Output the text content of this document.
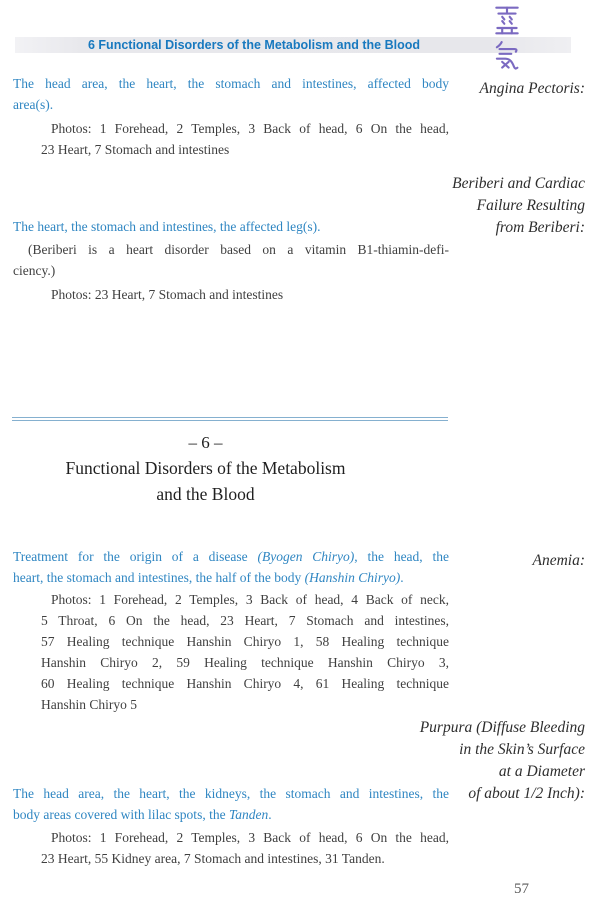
6 Functional Disorders of the Metabolism and the Blood
Angina Pectoris:
The head area, the heart, the stomach and intestines, affected body
area(s).
Photos: 1 Forehead, 2 Temples, 3 Back of head, 6 On the head,
23 Heart, 7 Stomach and intestines
Beriberi and Cardiac
Failure Resulting
from Beriberi:
The heart, the stomach and intestines, the affected leg(s).
(Beriberi is a heart disorder based on a vitamin B1-thiamin-defi-
ciency.)
Photos: 23 Heart, 7 Stomach and intestines
– 6 –
Functional Disorders of the Metabolism
and the Blood
Anemia:
Treatment for the origin of a disease (Byogen Chiryo), the head, the
heart, the stomach and intestines, the half of the body (Hanshin Chiryo).
Photos: 1 Forehead, 2 Temples, 3 Back of head, 4 Back of neck,
5 Throat, 6 On the head, 23 Heart, 7 Stomach and intestines,
57 Healing technique Hanshin Chiryo 1, 58 Healing technique
Hanshin Chiryo 2, 59 Healing technique Hanshin Chiryo 3,
60 Healing technique Hanshin Chiryo 4, 61 Healing technique
Hanshin Chiryo 5
Purpura (Diffuse Bleeding
in the Skin’s Surface
at a Diameter
of about 1/2 Inch):
The head area, the heart, the kidneys, the stomach and intestines, the
body areas covered with lilac spots, the Tanden.
Photos: 1 Forehead, 2 Temples, 3 Back of head, 6 On the head,
23 Heart, 55 Kidney area, 7 Stomach and intestines, 31 Tanden.
57
